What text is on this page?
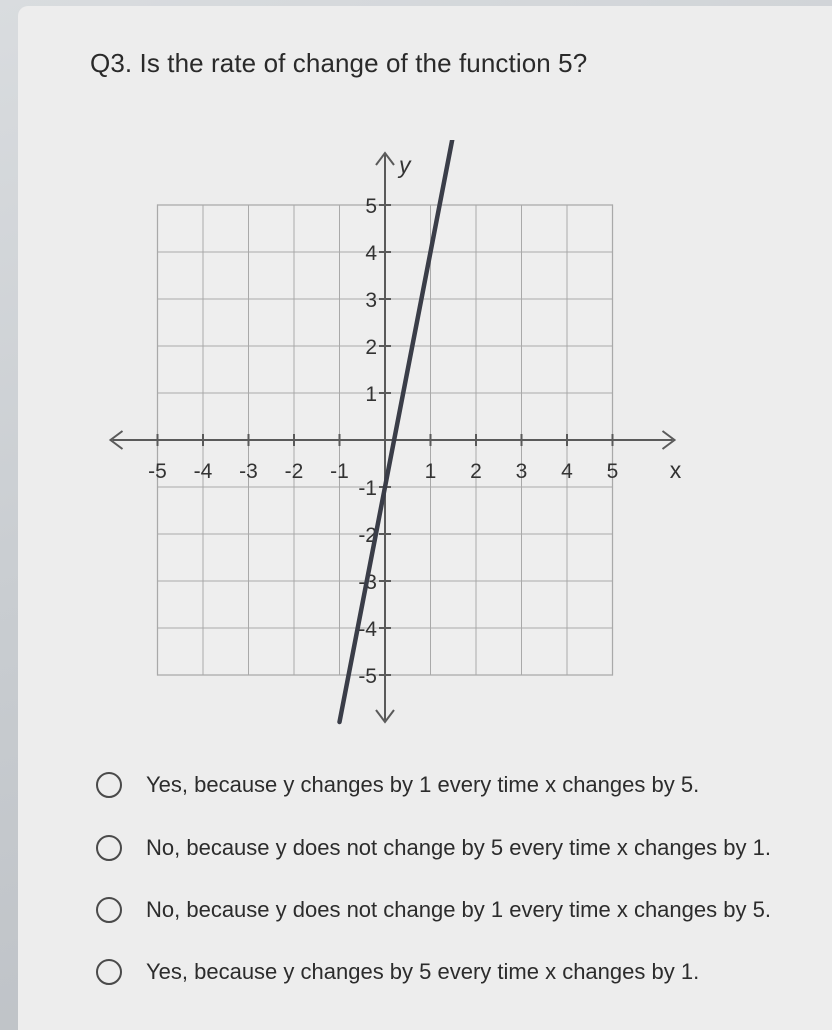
Q3. Is the rate of change of the function 5?
-5 -4 -3 -2 -1	1 2 3 4 5
5
4
3
2
1
-1
-2
-3
-4
-5
x
y
Yes, because y changes by 1 every time x changes by 5.
No, because y does not change by 5 every time x changes by 1.
No, because y does not change by 1 every time x changes by 5.
Yes, because y changes by 5 every time x changes by 1.
